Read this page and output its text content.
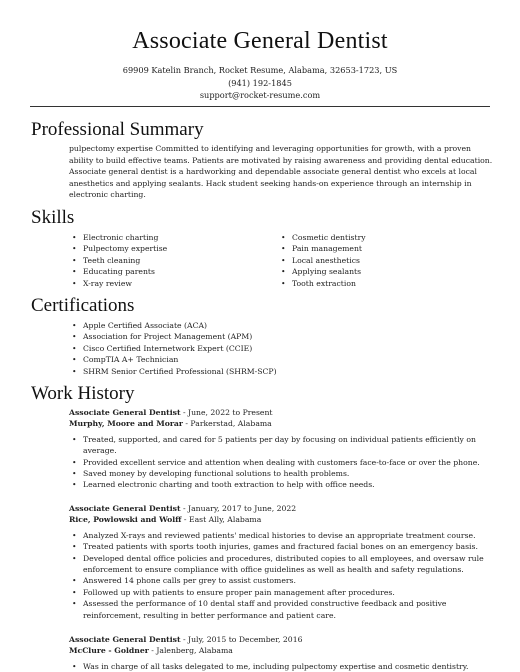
Associate General Dentist
69909 Katelin Branch, Rocket Resume, Alabama, 32653-1723, US
(941) 192-1845
support@rocket-resume.com
Professional Summary
pulpectomy expertise Committed to identifying and leveraging opportunities for growth, with a proven ability to build effective teams. Patients are motivated by raising awareness and providing dental education. Associate general dentist is a hardworking and dependable associate general dentist who excels at local anesthetics and applying sealants. Hack student seeking hands-on experience through an internship in electronic charting.
Skills
• Electronic charting
• Pulpectomy expertise
• Teeth cleaning
• Educating parents
• X-ray review
• Cosmetic dentistry
• Pain management
• Local anesthetics
• Applying sealants
• Tooth extraction
Certifications
• Apple Certified Associate (ACA)
• Association for Project Management (APM)
• Cisco Certified Internetwork Expert (CCIE)
• CompTIA A+ Technician
• SHRM Senior Certified Professional (SHRM-SCP)
Work History
Associate General Dentist - June, 2022 to Present
Murphy, Moore and Morar - Parkerstad, Alabama
• Treated, supported, and cared for 5 patients per day by focusing on individual patients efficiently on average.
• Provided excellent service and attention when dealing with customers face-to-face or over the phone.
• Saved money by developing functional solutions to health problems.
• Learned electronic charting and tooth extraction to help with office needs.
Associate General Dentist - January, 2017 to June, 2022
Rice, Powlowski and Wolff - East Ally, Alabama
• Analyzed X-rays and reviewed patients' medical histories to devise an appropriate treatment course.
• Treated patients with sports tooth injuries, games and fractured facial bones on an emergency basis.
• Developed dental office policies and procedures, distributed copies to all employees, and oversaw rule enforcement to ensure compliance with office guidelines as well as health and safety regulations.
• Answered 14 phone calls per grey to assist customers.
• Followed up with patients to ensure proper pain management after procedures.
• Assessed the performance of 10 dental staff and provided constructive feedback and positive reinforcement, resulting in better performance and patient care.
Associate General Dentist - July, 2015 to December, 2016
McClure - Goldner - Jalenberg, Alabama
• Was in charge of all tasks delegated to me, including pulpectomy expertise and cosmetic dentistry.
